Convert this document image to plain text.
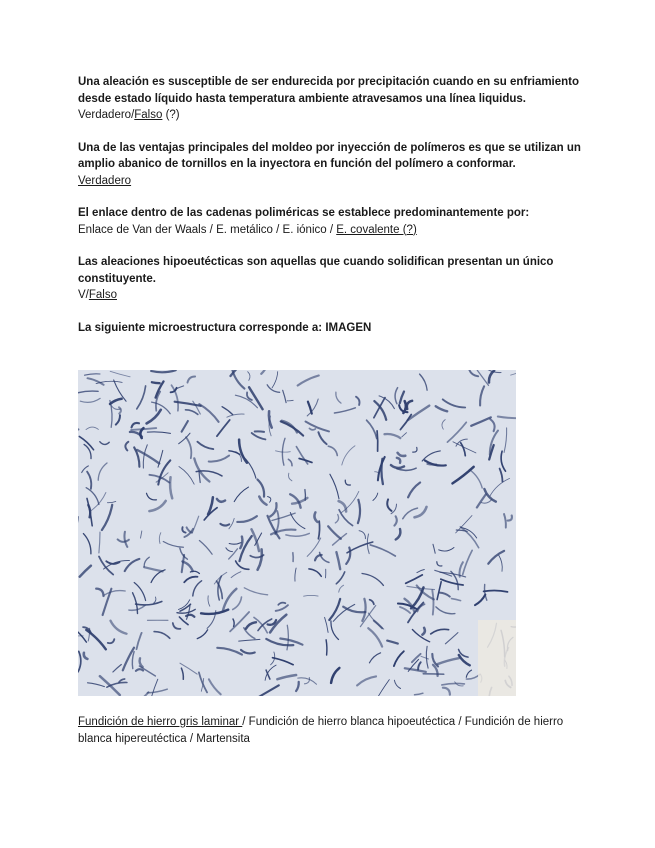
Una aleación es susceptible de ser endurecida por precipitación cuando en su enfriamiento desde estado líquido hasta temperatura ambiente atravesamos una línea liquidus.

Verdadero/Falso (?)

Una de las ventajas principales del moldeo por inyección de polímeros es que se utilizan un amplio abanico de tornillos en la inyectora en función del polímero a conformar.

Verdadero

El enlace dentro de las cadenas poliméricas se establece predominantemente por:

Enlace de Van der Waals / E. metálico / E. iónico / E. covalente (?)

Las aleaciones hipoeutécticas son aquellas que cuando solidifican presentan un único constituyente.

V/Falso

La siguiente microestructura corresponde a: IMAGEN

Fundición de hierro gris laminar / Fundición de hierro blanca hipoeutéctica / Fundición de hierro blanca hipereutéctica / Martensita
